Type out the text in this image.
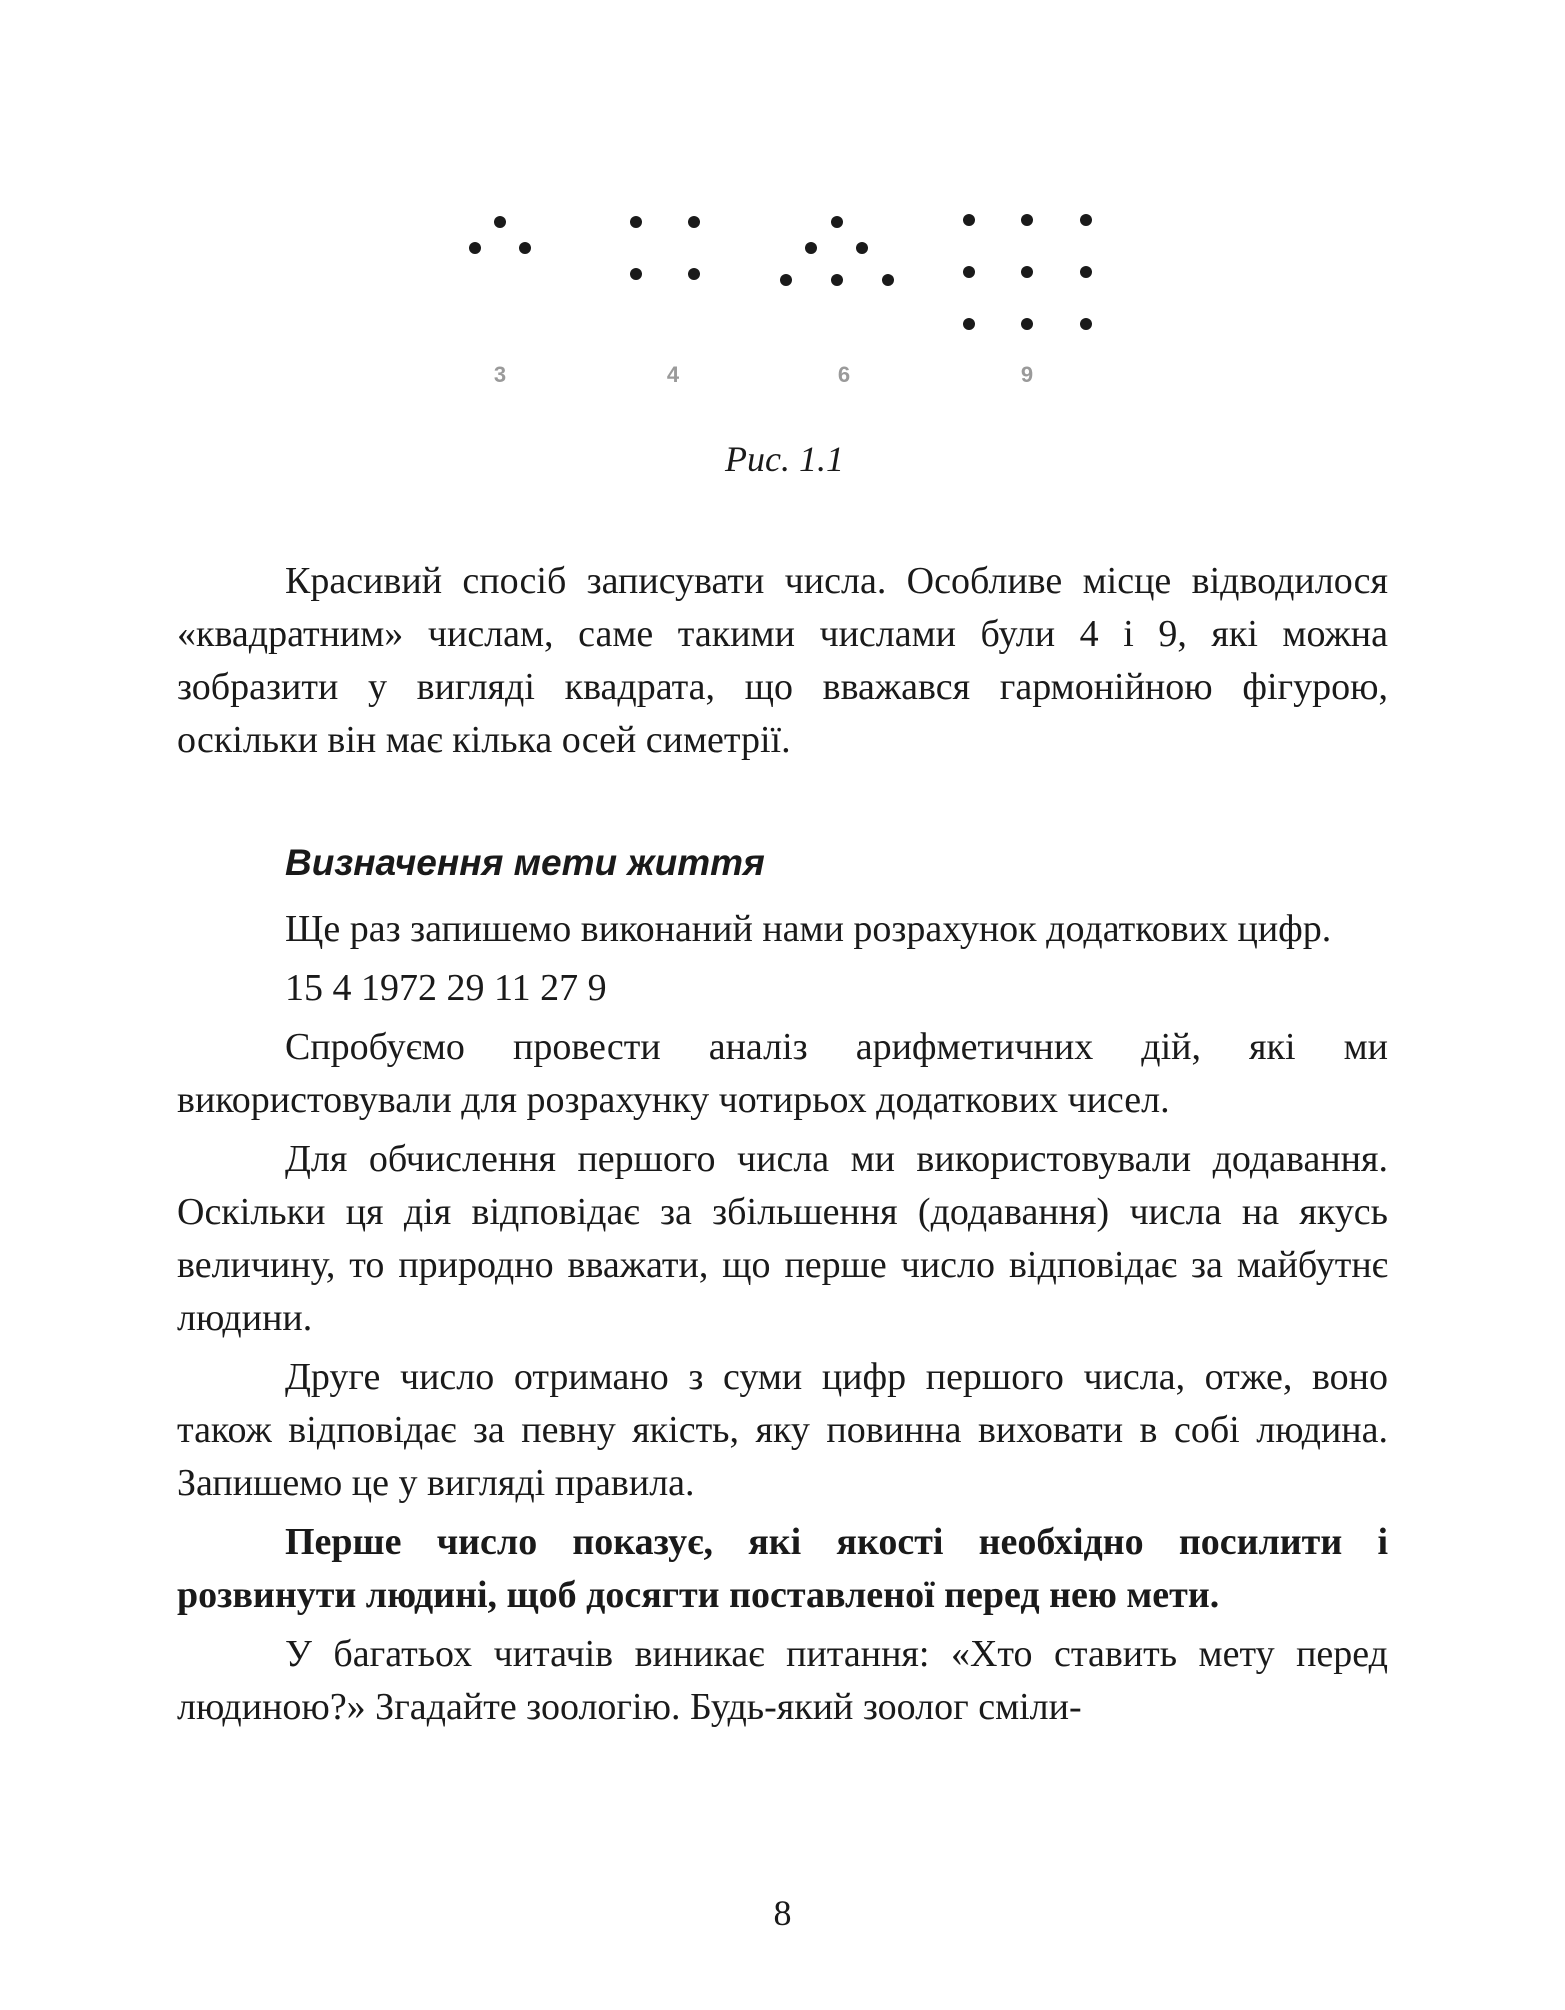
3	4	6	9
Рис. 1.1

Красивий спосіб записувати числа. Особливе місце відводилося «квадратним» числам, саме такими числами були 4 і 9, які можна зобразити у вигляді квадрата, що вважався гармонійною фігурою, оскільки він має кілька осей симетрії.

Визначення мети життя

Ще раз запишемо виконаний нами розрахунок додаткових цифр.

15 4 1972 29 11 27 9

Спробуємо провести аналіз арифметичних дій, які ми використовували для розрахунку чотирьох додаткових чисел.

Для обчислення першого числа ми використовували додавання. Оскільки ця дія відповідає за збільшення (додавання) числа на якусь величину, то природно вважати, що перше число відповідає за майбутнє людини.

Друге число отримано з суми цифр першого числа, отже, воно також відповідає за певну якість, яку повинна виховати в собі людина. Запишемо це у вигляді правила.

Перше число показує, які якості необхідно посилити і розвинути людині, щоб досягти поставленої перед нею мети.

У багатьох читачів виникає питання: «Хто ставить мету перед людиною?» Згадайте зоологію. Будь-який зоолог сміли-

8
